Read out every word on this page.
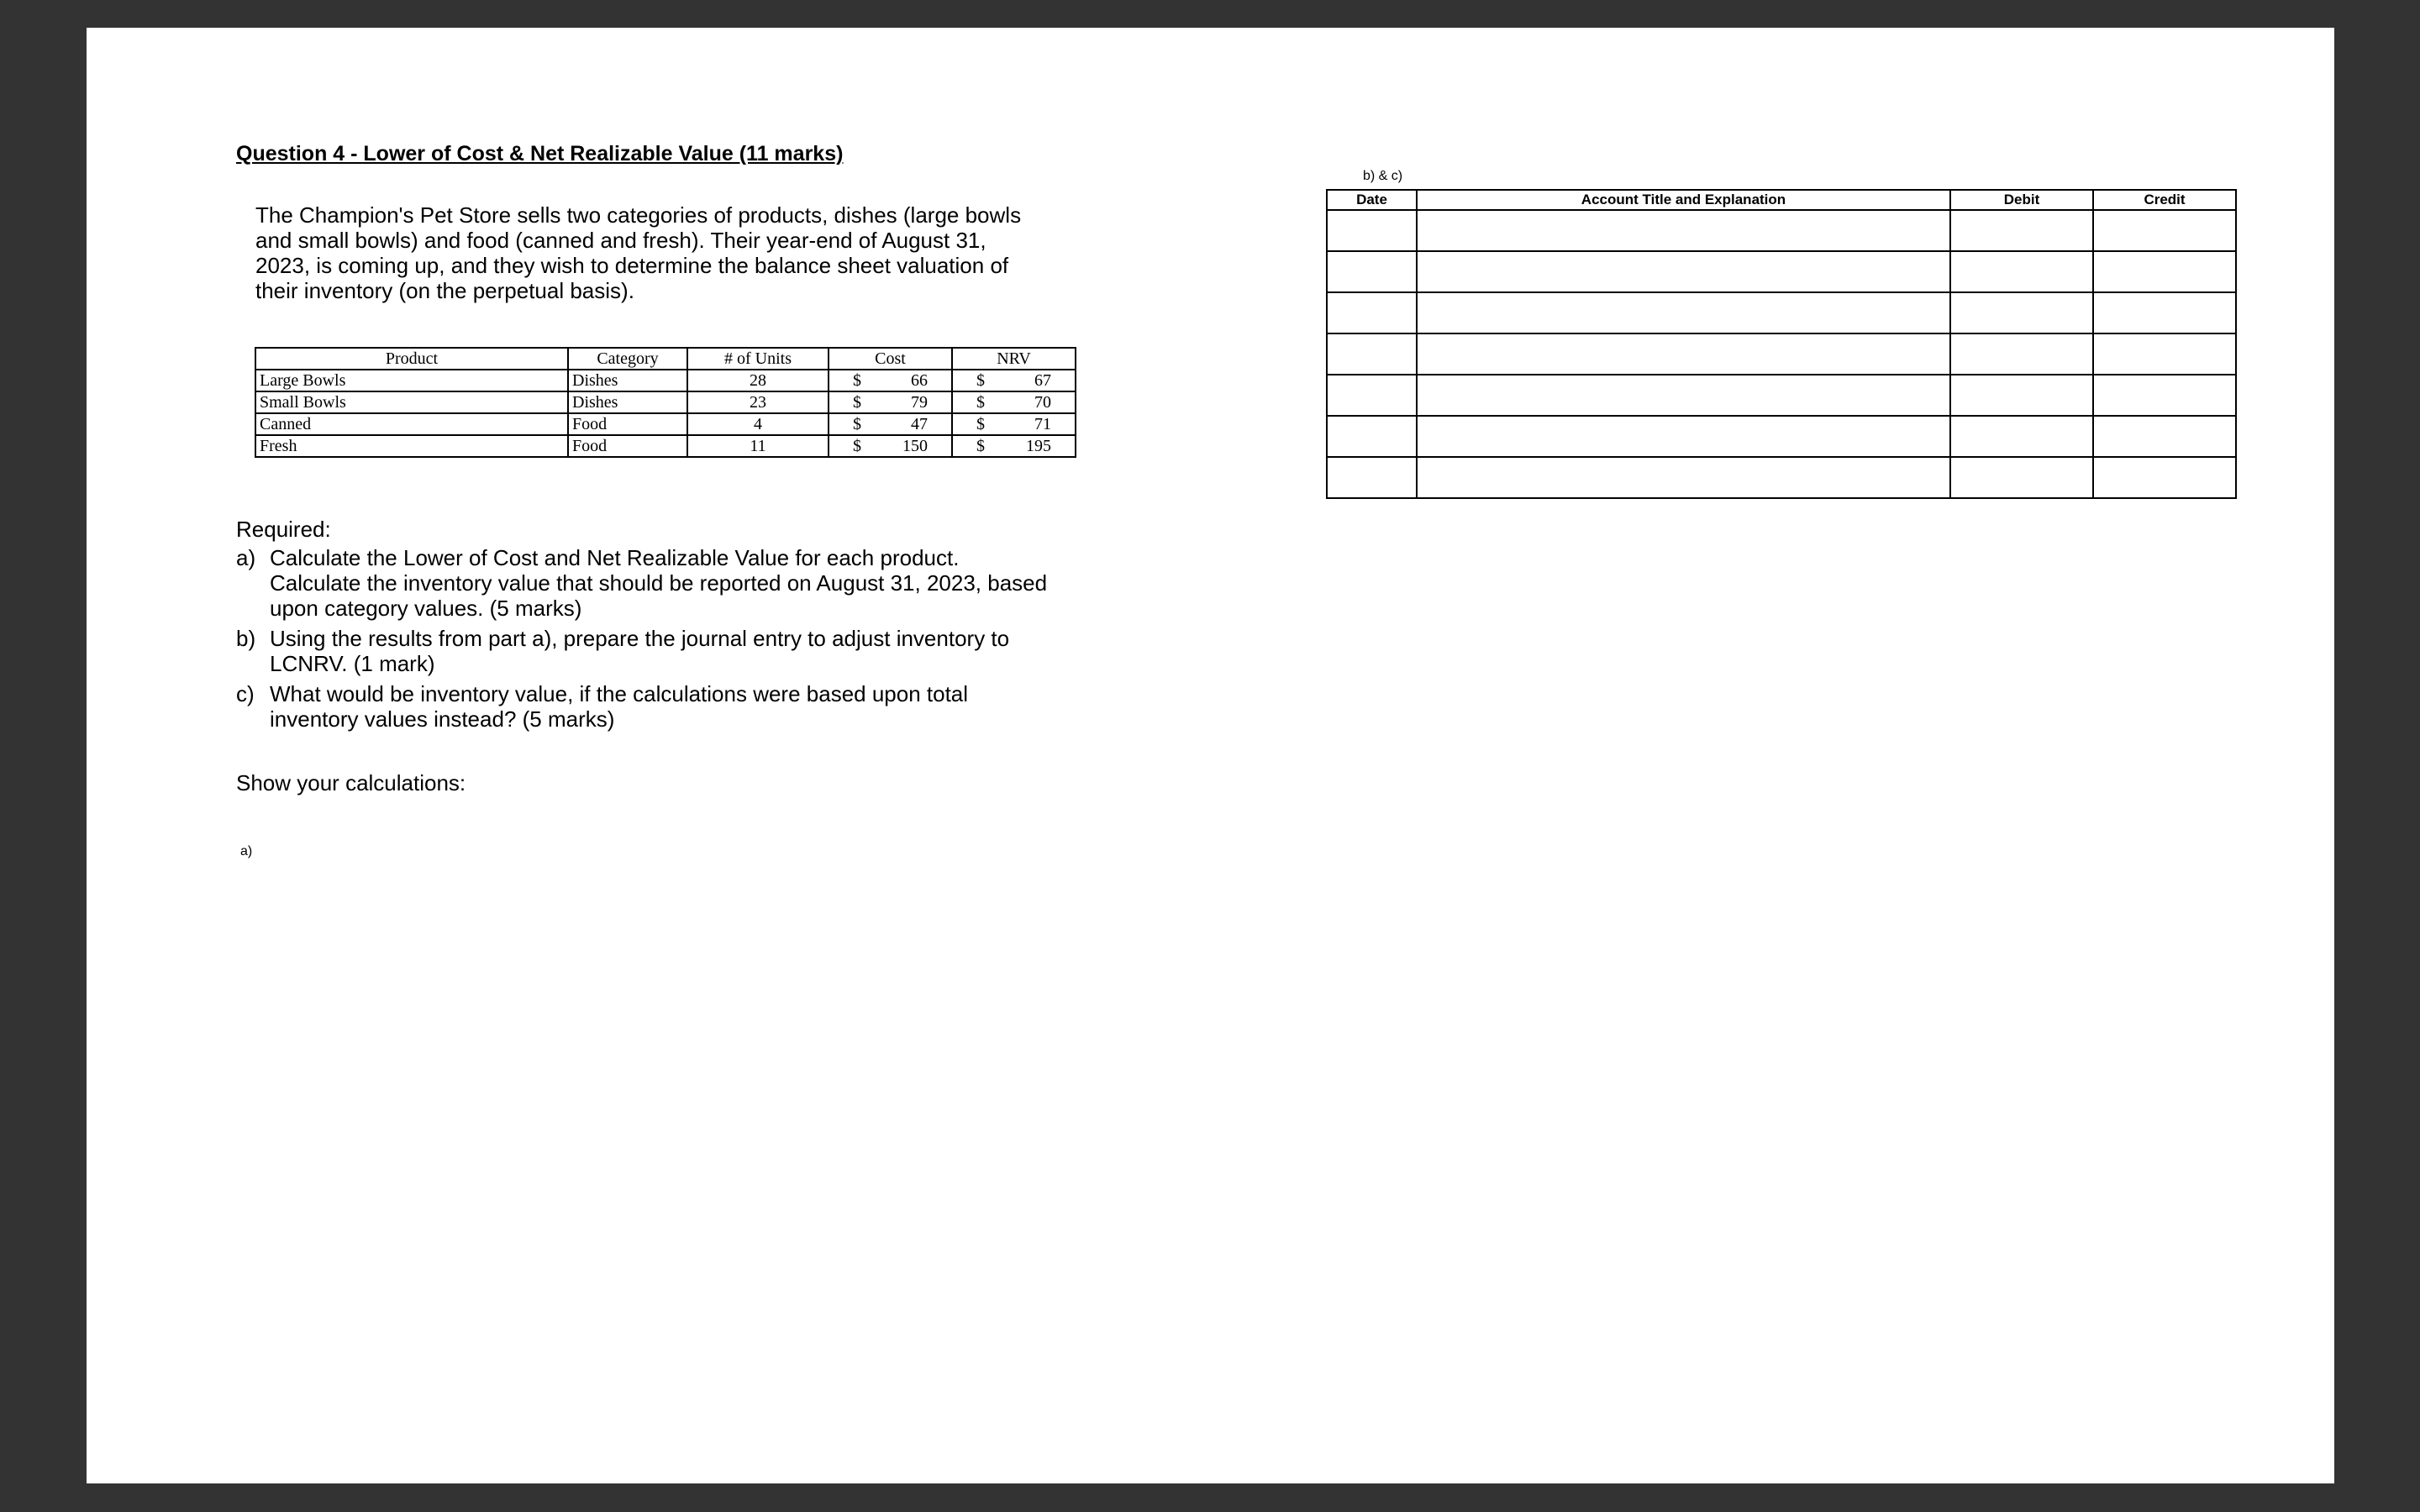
Question 4 - Lower of Cost & Net Realizable Value (11 marks)
The Champion's Pet Store sells two categories of products, dishes (large bowls
and small bowls) and food (canned and fresh). Their year-end of August 31,
2023, is coming up, and they wish to determine the balance sheet valuation of
their inventory (on the perpetual basis).
Product	Category	# of Units	Cost	NRV
Large Bowls	Dishes	28	$ 66	$ 67

Small Bowls	Dishes	23	$ 79	$ 70

Canned	Food	4	$ 47	$ 71

Fresh	Food	11	$ 150	$ 195
Required:
a) Calculate the Lower of Cost and Net Realizable Value for each product.
Calculate the inventory value that should be reported on August 31, 2023, based
upon category values. (5 marks)
b) Using the results from part a), prepare the journal entry to adjust inventory to
LCNRV. (1 mark)
c) What would be inventory value, if the calculations were based upon total
inventory values instead? (5 marks)
Show your calculations:
a)
b) & c)
Date	Account Title and Explanation	Debit	Credit
